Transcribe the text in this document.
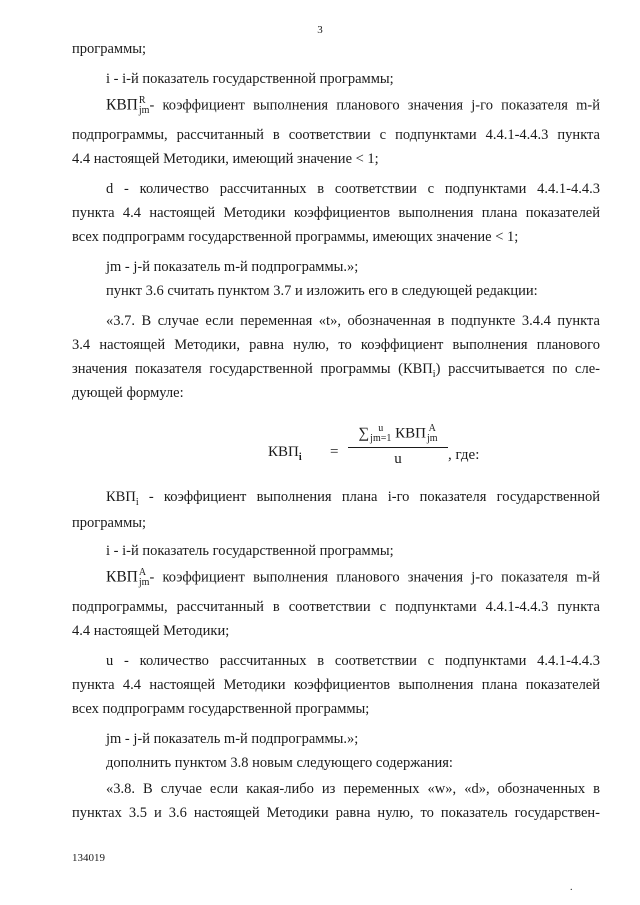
3
программы;
i - i-й показатель государственной программы;
КВП R
jm - коэффициент выполнения планового значения j-го показателя m-й
подпрограммы, рассчитанный в соответствии с подпунктами 4.4.1-4.4.3 пункта
4.4 настоящей Методики, имеющий значение < 1;
d - количество рассчитанных в соответствии с подпунктами 4.4.1-4.4.3
пункта 4.4 настоящей Методики коэффициентов выполнения плана показателей
всех подпрограмм государственной программы, имеющих значение < 1;
jm - j-й показатель m-й подпрограммы.»;
пункт 3.6 считать пунктом 3.7 и изложить его в следующей редакции:
«3.7. В случае если переменная «t», обозначенная в подпункте 3.4.4 пункта
3.4 настоящей Методики, равна нулю, то коэффициент выполнения планового
значения показателя государственной программы $(КВП_i)$ рассчитывается по сле-
дующей формуле:
$КВП_i$ =
∑ u
jm=1 КВП A
jm
u	, где:
$КВП_i$ - коэффициент выполнения плана i-го показателя государственной
программы;
i - i-й показатель государственной программы;
КВП A
jm - коэффициент выполнения планового значения j-го показателя m-й
подпрограммы, рассчитанный в соответствии с подпунктами 4.4.1-4.4.3 пункта
4.4 настоящей Методики;
u - количество рассчитанных в соответствии с подпунктами 4.4.1-4.4.3
пункта 4.4 настоящей Методики коэффициентов выполнения плана показателей
всех подпрограмм государственной программы;
jm - j-й показатель m-й подпрограммы.»;
дополнить пунктом 3.8 новым следующего содержания:
«3.8. В случае если какая-либо из переменных «w», «d», обозначенных в
пунктах 3.5 и 3.6 настоящей Методики равна нулю, то показатель государствен-
134019
.
